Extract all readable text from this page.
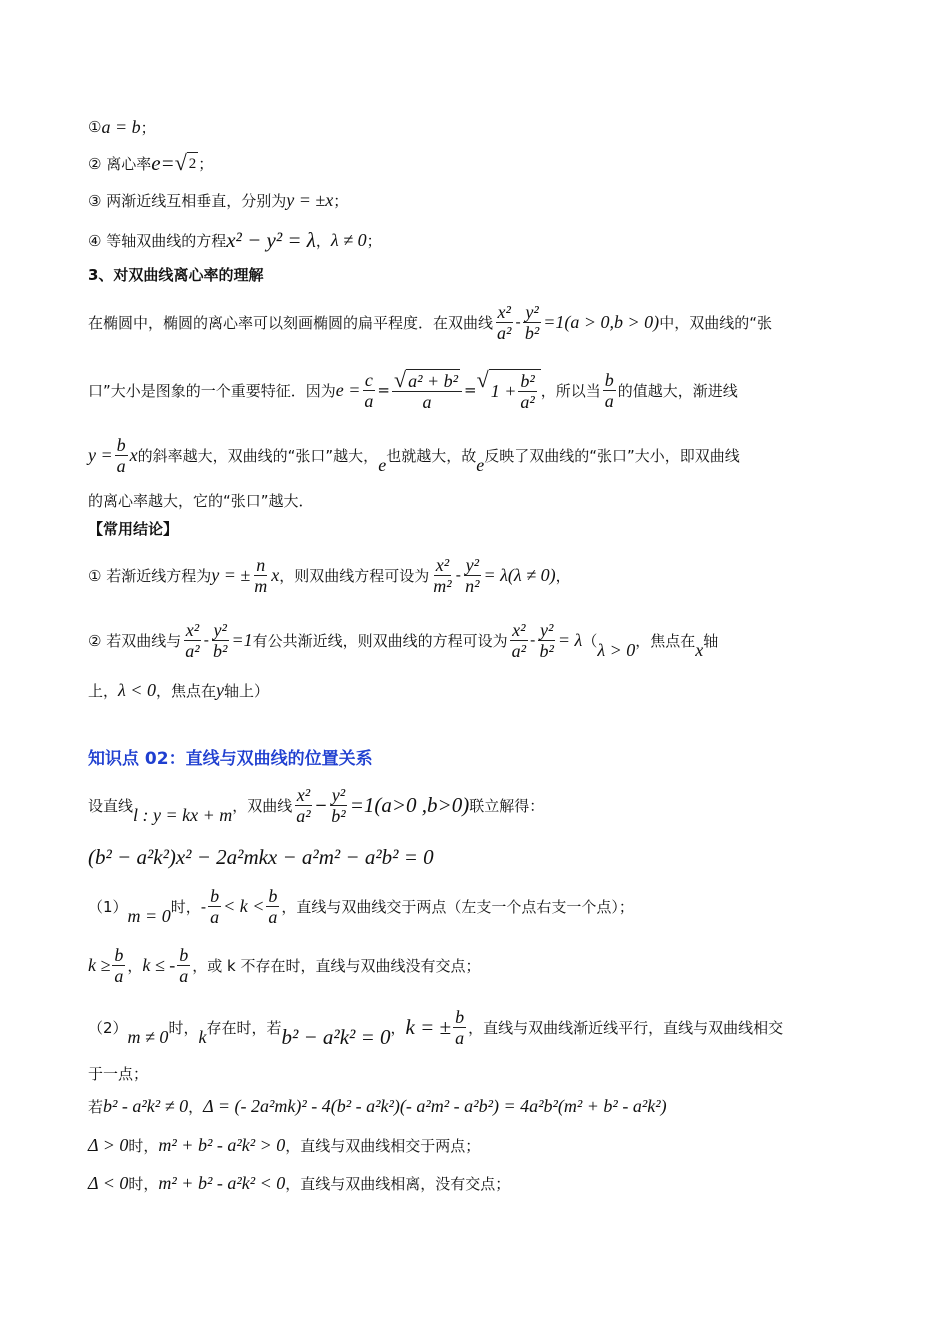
① a = b ；
② 离心率 e = √ 2 ；
③ 两渐近线互相垂直，分别为 y = ±x ；
④ 等轴双曲线的方程 x² − y² = λ ， λ ≠ 0 ；
3、对双曲线离心率的理解
在椭圆中，椭圆的离心率可以刻画椭圆的扁平程度．在双曲线 $\frac{\text{x²}}{\text{a²}} - \frac{\text{y²}}{\text{b²}} =1(a > 0,b > 0)$ 中，双曲线的“张
口”大小是图象的一个重要特征．因为 $e = \frac{c}{a} = \frac{\text{√ a² + b²}}{a}$ = √ $1 + \frac{\text{b²}}{\text{a²}}$ ，所以当 $\frac{b}{a}$ 的值越大，渐进线
$y = \frac{b}{a}$ x 的斜率越大，双曲线的“张口”越大， e 也就越大，故 e 反映了双曲线的“张口”大小，即双曲线
的离心率越大，它的“张口”越大．
【常用结论】
① 若渐近线方程为 y = ± $\frac{n}{m}$ x ，则双曲线方程可设为 $\frac{\text{x²}}{\text{m²}} - \frac{\text{y²}}{\text{n²}} = \lambda(\lambda \ne 0)$ ，
② 若双曲线与 $\frac{\text{x²}}{\text{a²}} - \frac{\text{y²}}{\text{b²}} =1$ 有公共渐近线，则双曲线的方程可设为 $\frac{\text{x²}}{\text{a²}} - \frac{\text{y²}}{\text{b²}} = \lambda$ （ λ > 0 ，焦点在 x 轴
上， λ < 0 ，焦点在 y 轴上）
知识点 02：直线与双曲线的位置关系
设直线 l : y = kx + m ，双曲线 $\frac{\text{x²}}{\text{a²}} - \frac{\text{y²}}{\text{b²}} =1(a>0$ ,b>0) 联立解得：
(b² − a²k²)x² − 2a²mkx − a²m² − a²b² = 0
（1） m = 0 时，- $\frac{b}{a} < k < \frac{b}{a}$ ，直线与双曲线交于两点（左支一个点右支一个点）；
$k \ge \frac{b}{a}$ ， k ≤ - $\frac{b}{a}$ ，或 k 不存在时，直线与双曲线没有交点；
（2） m ≠ 0 时， k 存在时，若 b² − a²k² = 0 ， k = ± $\frac{b}{a}$ ，直线与双曲线渐近线平行，直线与双曲线相交
于一点；
若 b² - a²k² ≠ 0 ， Δ = (- 2a²mk)² - 4(b² - a²k²)(- a²m² - a²b²) = 4a²b²(m² + b² - a²k²)
Δ > 0 时， m² + b² - a²k² > 0 ，直线与双曲线相交于两点；
Δ < 0 时， m² + b² - a²k² < 0 ，直线与双曲线相离，没有交点；
